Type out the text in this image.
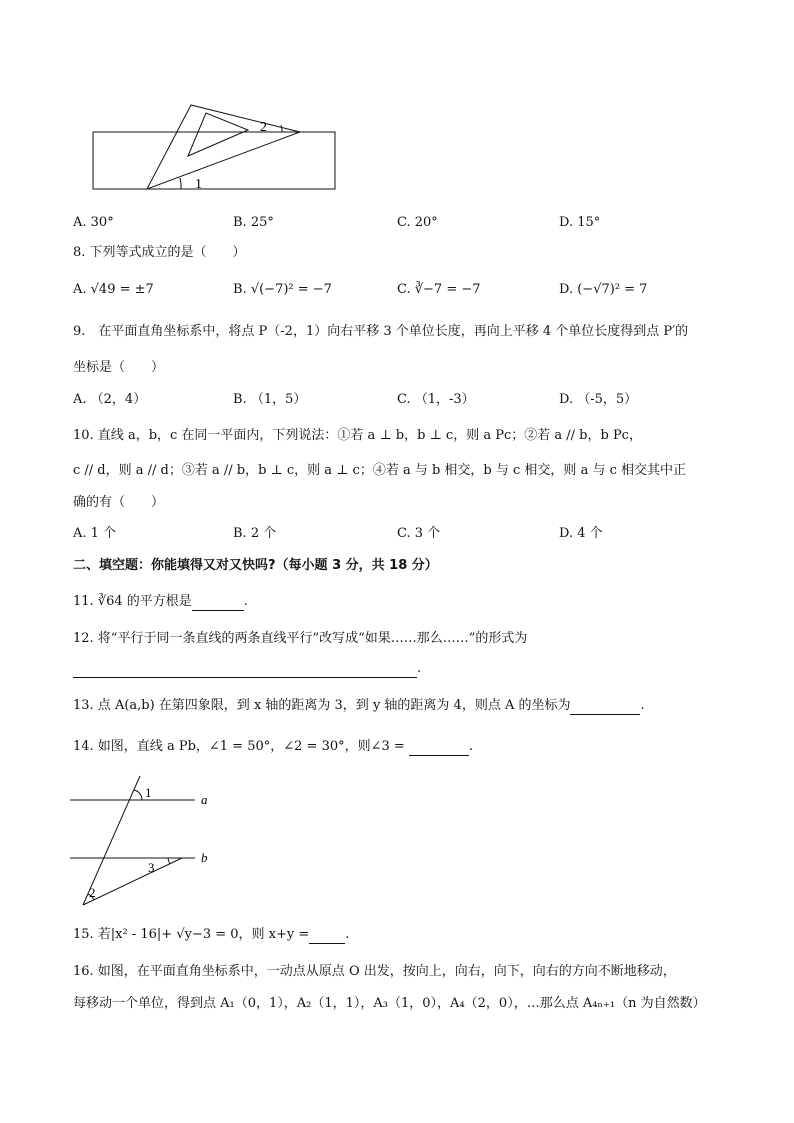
1
2
A. 30°	B. 25°	C. 20°	D. 15°
8. 下列等式成立的是（　　）
A. √49 = ±7	B. √(−7)² = −7	C. ∛−7 = −7	D. (−√7)² = 7
9.　在平面直角坐标系中，将点 P（-2，1）向右平移 3 个单位长度，再向上平移 4 个单位长度得到点 P′的
坐标是（　　）
A. （2，4）	B. （1，5）	C. （1，-3）	D. （-5，5）
10. 直线 a，b，c 在同一平面内，下列说法：①若 a ⊥ b，b ⊥ c，则 a Pc；②若 a // b，b Pc，
c // d，则 a // d；③若 a // b，b ⊥ c，则 a ⊥ c；④若 a 与 b 相交，b 与 c 相交，则 a 与 c 相交其中正
确的有（　　）
A. 1 个	B. 2 个	C. 3 个	D. 4 个
二、填空题：你能填得又对又快吗?（每小题 3 分，共 18 分）
11. ∛64 的平方根是	.
12. 将“平行于同一条直线的两条直线平行”改写成“如果……那么……”的形式为
.
13. 点 A(a,b) 在第四象限，到 x 轴的距离为 3，到 y 轴的距离为 4，则点 A 的坐标为	.
14. 如图，直线 a Pb，∠1 = 50°，∠2 = 30°，则∠3 =	.
1
2
3
a
b
15. 若|x² - 16|+ √y−3 = 0，则 x+y =	.
16. 如图，在平面直角坐标系中，一动点从原点 O 出发，按向上，向右，向下，向右的方向不断地移动，
每移动一个单位，得到点 A₁（0，1），A₂（1，1），A₃（1，0），A₄（2，0），…那么点 A₄ₙ₊₁（n 为自然数）
